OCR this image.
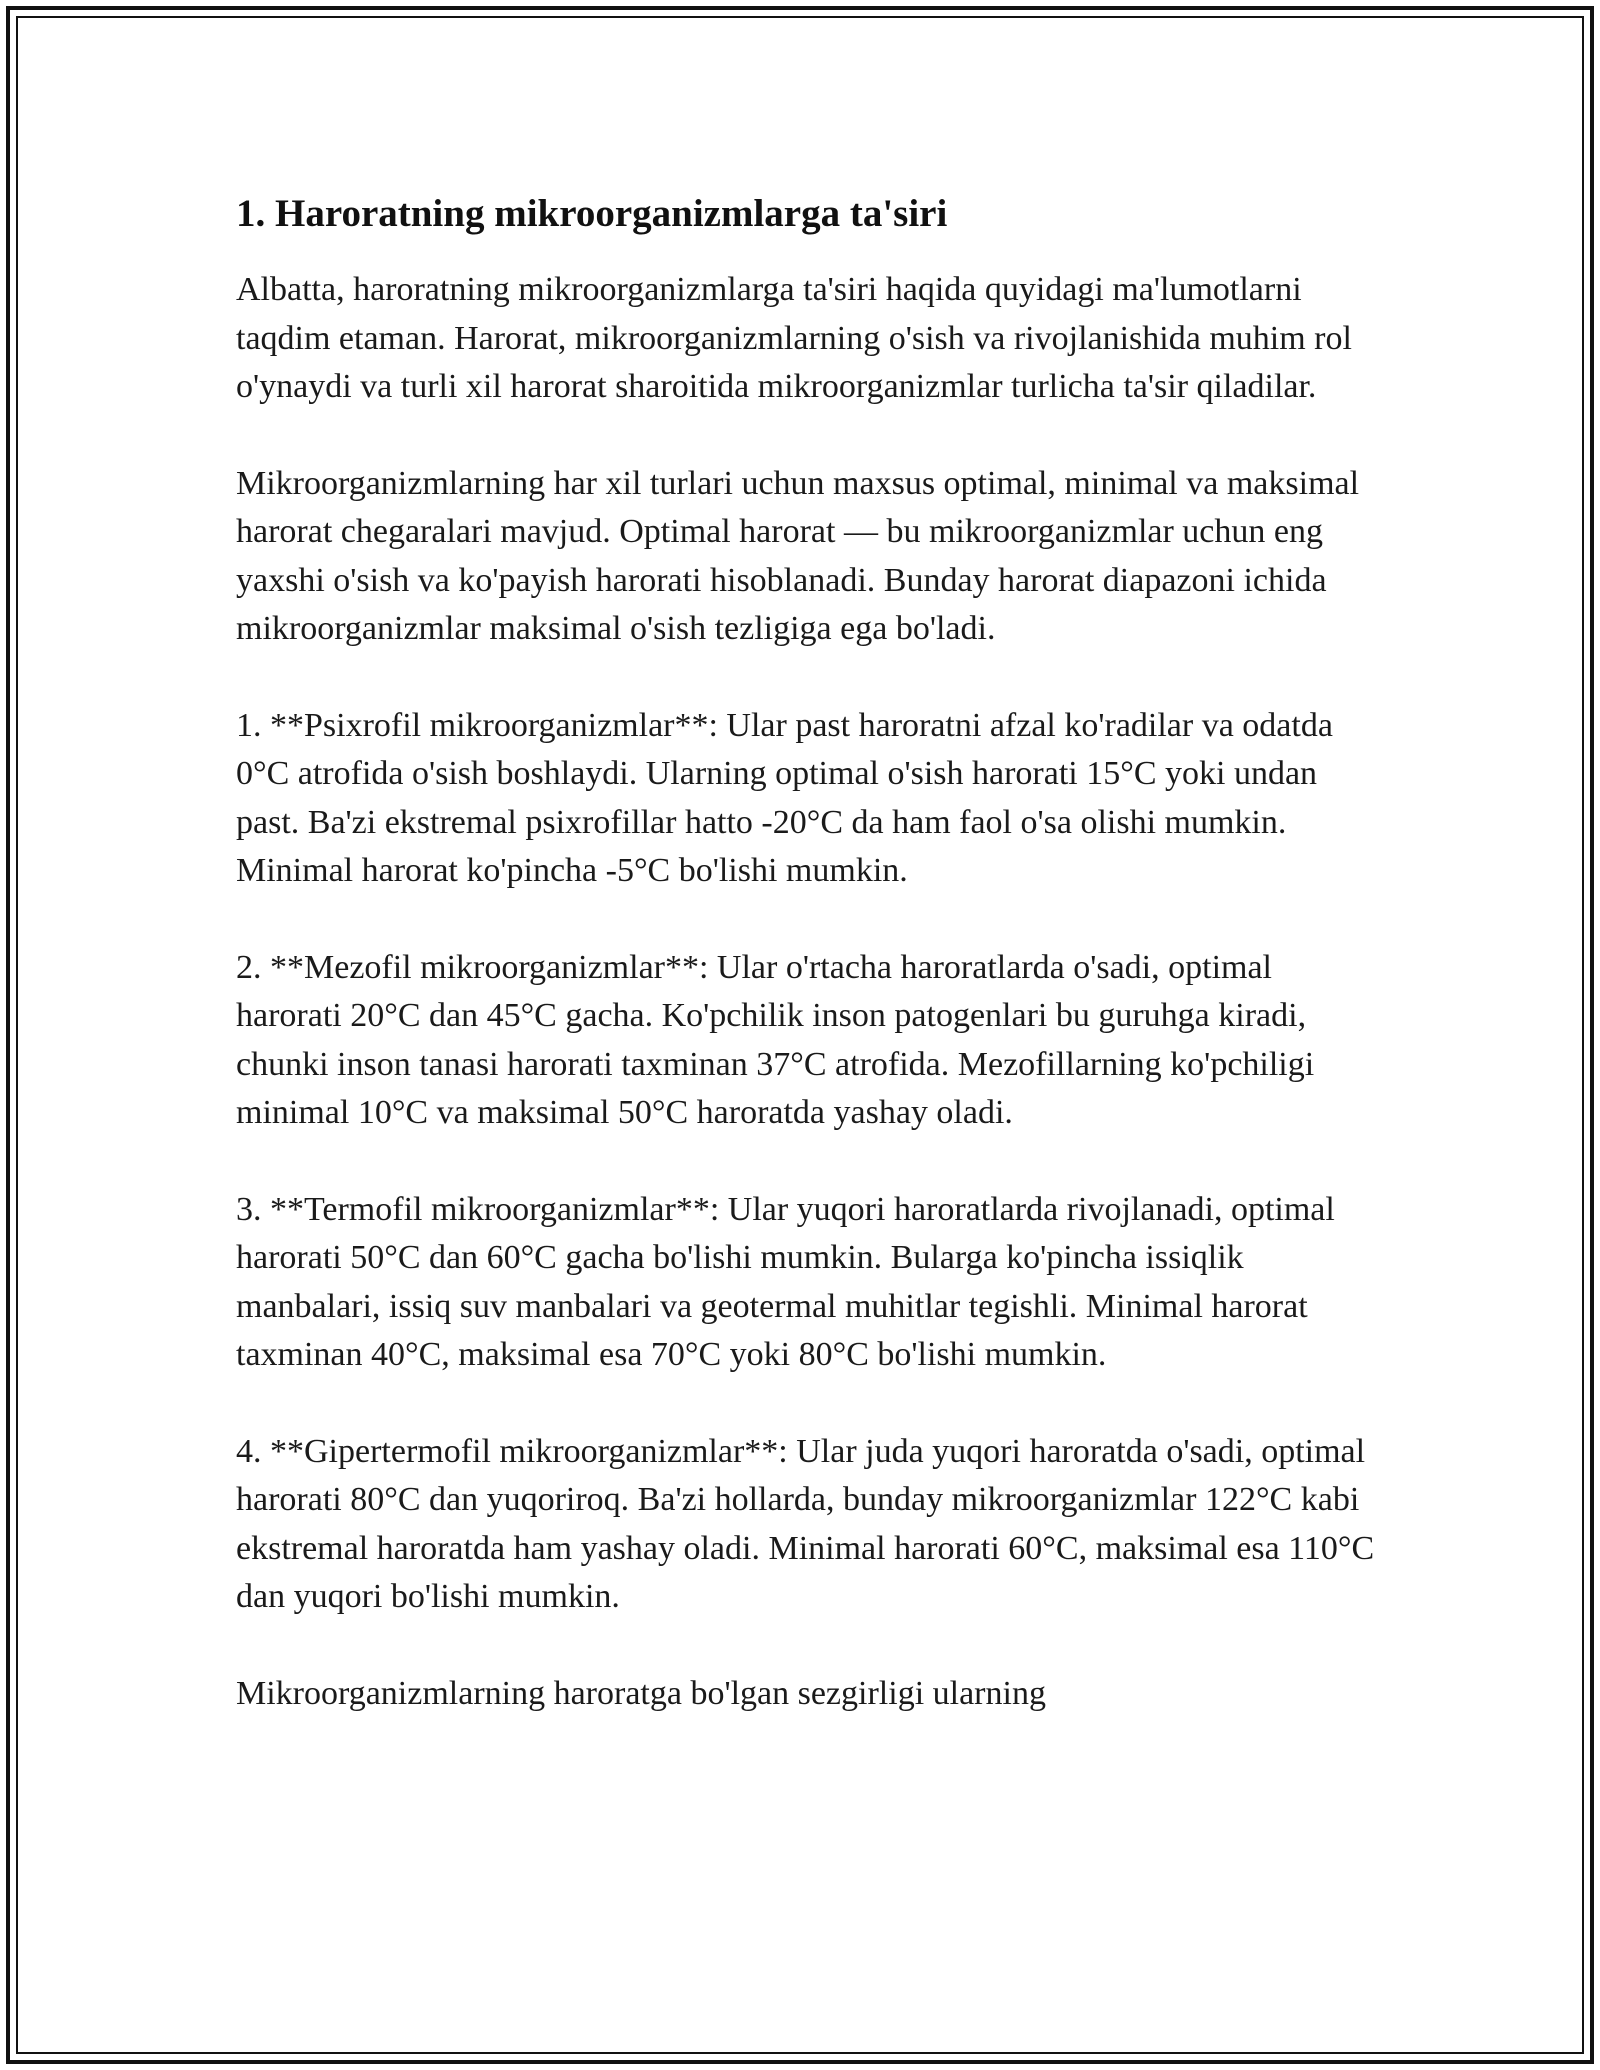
1. Haroratning mikroorganizmlarga ta'siri

Albatta, haroratning mikroorganizmlarga ta'siri haqida quyidagi ma'lumotlarni taqdim etaman. Harorat, mikroorganizmlarning o'sish va rivojlanishida muhim rol o'ynaydi va turli xil harorat sharoitida mikroorganizmlar turlicha ta'sir qiladilar.

Mikroorganizmlarning har xil turlari uchun maxsus optimal, minimal va maksimal harorat chegaralari mavjud. Optimal harorat — bu mikroorganizmlar uchun eng yaxshi o'sish va ko'payish harorati hisoblanadi. Bunday harorat diapazoni ichida mikroorganizmlar maksimal o'sish tezligiga ega bo'ladi.

1. **Psixrofil mikroorganizmlar**: Ular past haroratni afzal ko'radilar va odatda 0°C atrofida o'sish boshlaydi. Ularning optimal o'sish harorati 15°C yoki undan past. Ba'zi ekstremal psixrofillar hatto -20°C da ham faol o'sa olishi mumkin. Minimal harorat ko'pincha -5°C bo'lishi mumkin.

2. **Mezofil mikroorganizmlar**: Ular o'rtacha haroratlarda o'sadi, optimal harorati 20°C dan 45°C gacha. Ko'pchilik inson patogenlari bu guruhga kiradi, chunki inson tanasi harorati taxminan 37°C atrofida. Mezofillarning ko'pchiligi minimal 10°C va maksimal 50°C haroratda yashay oladi.

3. **Termofil mikroorganizmlar**: Ular yuqori haroratlarda rivojlanadi, optimal harorati 50°C dan 60°C gacha bo'lishi mumkin. Bularga ko'pincha issiqlik manbalari, issiq suv manbalari va geotermal muhitlar tegishli. Minimal harorat taxminan 40°C, maksimal esa 70°C yoki 80°C bo'lishi mumkin.

4. **Gipertermofil mikroorganizmlar**: Ular juda yuqori haroratda o'sadi, optimal harorati 80°C dan yuqoriroq. Ba'zi hollarda, bunday mikroorganizmlar 122°C kabi ekstremal haroratda ham yashay oladi. Minimal harorati 60°C, maksimal esa 110°C dan yuqori bo'lishi mumkin.

Mikroorganizmlarning haroratga bo'lgan sezgirligi ularning
